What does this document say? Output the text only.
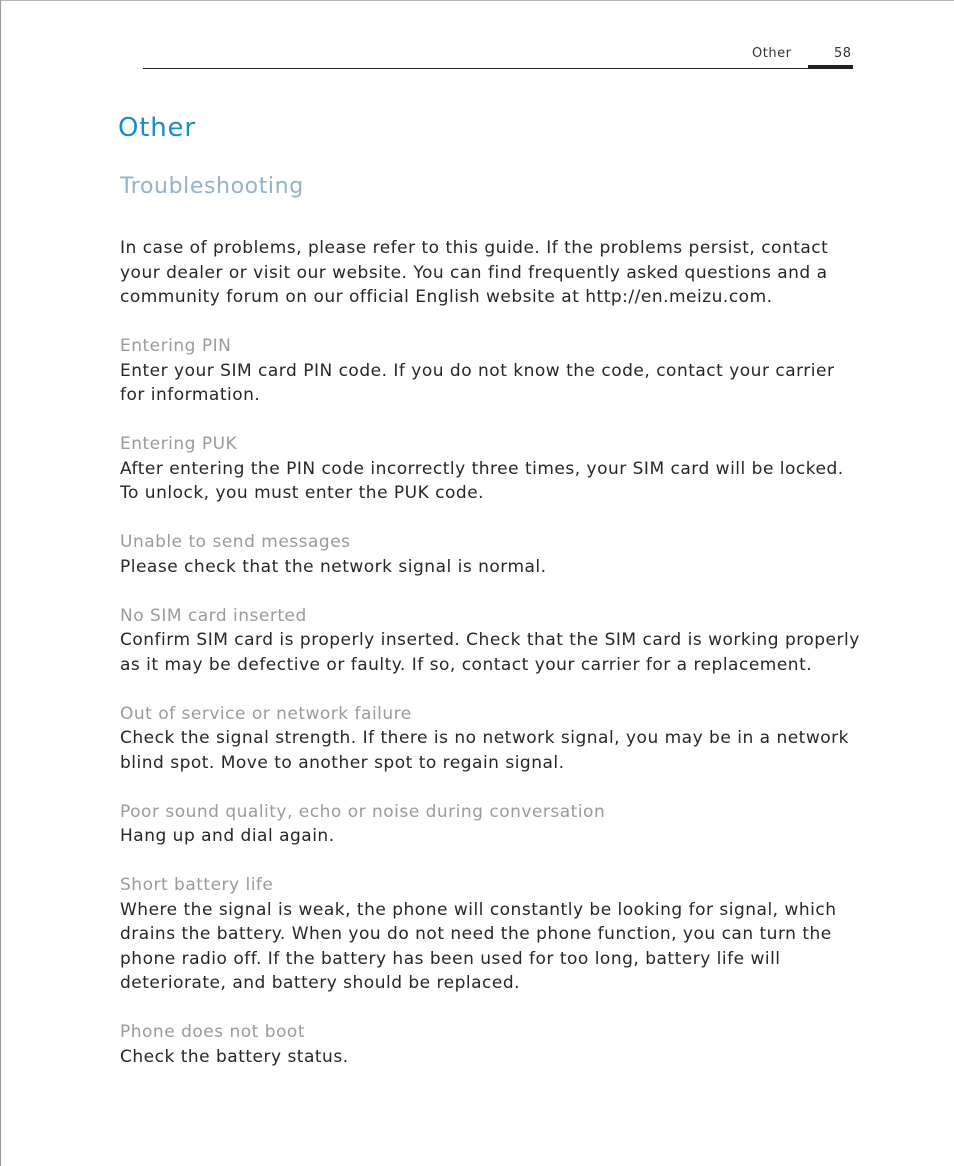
Other	58
Other
Troubleshooting

In case of problems, please refer to this guide. If the problems persist, contact your dealer or visit our website. You can find frequently asked questions and a community forum on our official English website at http://en.meizu.com.

Entering PIN

Enter your SIM card PIN code. If you do not know the code, contact your carrier for information.

Entering PUK

After entering the PIN code incorrectly three times, your SIM card will be locked. To unlock, you must enter the PUK code.

Unable to send messages

Please check that the network signal is normal.

No SIM card inserted

Confirm SIM card is properly inserted. Check that the SIM card is working properly as it may be defective or faulty. If so, contact your carrier for a replacement.

Out of service or network failure

Check the signal strength. If there is no network signal, you may be in a network blind spot. Move to another spot to regain signal.

Poor sound quality, echo or noise during conversation

Hang up and dial again.

Short battery life

Where the signal is weak, the phone will constantly be looking for signal, which drains the battery. When you do not need the phone function, you can turn the phone radio off. If the battery has been used for too long, battery life will deteriorate, and battery should be replaced.

Phone does not boot

Check the battery status.
